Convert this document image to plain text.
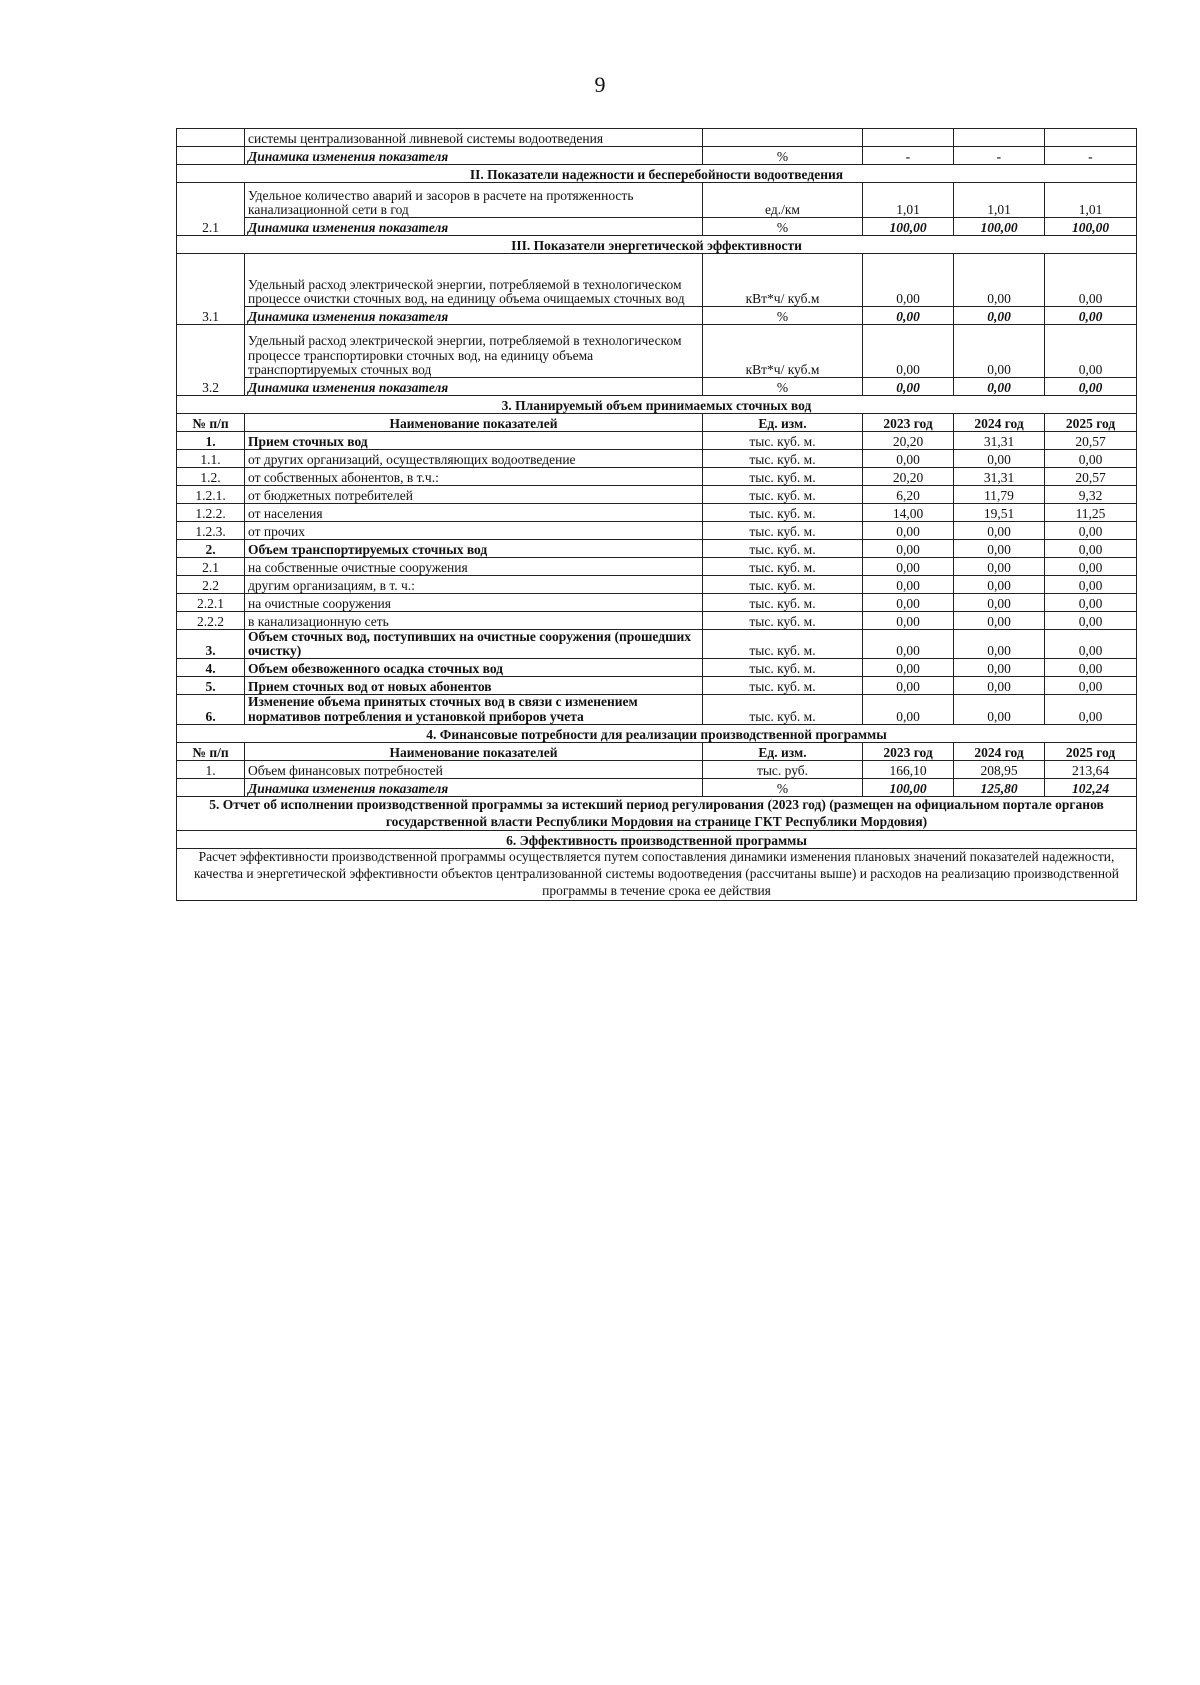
9
	системы централизованной ливневой системы водоотведения				
	Динамика изменения показателя	%	-	-	-
II. Показатели надежности и бесперебойности водоотведения					
2.1	Удельное количество аварий и засоров в расчете на протяженность канализационной сети в год	ед./км	1,01	1,01	1,01
	Динамика изменения показателя	%	100,00	100,00	100,00
III. Показатели энергетической эффективности					
3.1	Удельный расход электрической энергии, потребляемой в технологическом процессе очистки сточных вод, на единицу объема очищаемых сточных вод	кВт*ч/ куб.м	0,00	0,00	0,00
	Динамика изменения показателя	%	0,00	0,00	0,00
3.2	Удельный расход электрической энергии, потребляемой в технологическом процессе транспортировки сточных вод, на единицу объема транспортируемых сточных вод	кВт*ч/ куб.м	0,00	0,00	0,00
	Динамика изменения показателя	%	0,00	0,00	0,00
3. Планируемый объем принимаемых сточных вод					
№ п/п	Наименование показателей	Ед. изм.	2023 год	2024 год	2025 год
1.	Прием сточных вод	тыс. куб. м.	20,20	31,31	20,57
1.1.	от других организаций, осуществляющих водоотведение	тыс. куб. м.	0,00	0,00	0,00
1.2.	от собственных абонентов, в т.ч.:	тыс. куб. м.	20,20	31,31	20,57
1.2.1.	от бюджетных потребителей	тыс. куб. м.	6,20	11,79	9,32
1.2.2.	от населения	тыс. куб. м.	14,00	19,51	11,25
1.2.3.	от прочих	тыс. куб. м.	0,00	0,00	0,00
2.	Объем транспортируемых сточных вод	тыс. куб. м.	0,00	0,00	0,00
2.1	на собственные очистные сооружения	тыс. куб. м.	0,00	0,00	0,00
2.2	другим организациям, в т. ч.:	тыс. куб. м.	0,00	0,00	0,00
2.2.1	на очистные сооружения	тыс. куб. м.	0,00	0,00	0,00
2.2.2	в канализационную сеть	тыс. куб. м.	0,00	0,00	0,00
3.	Объем сточных вод, поступивших на очистные сооружения (прошедших очистку)	тыс. куб. м.	0,00	0,00	0,00
4.	Объем обезвоженного осадка сточных вод	тыс. куб. м.	0,00	0,00	0,00
5.	Прием сточных вод от новых абонентов	тыс. куб. м.	0,00	0,00	0,00
6.	Изменение объема принятых сточных вод в связи с изменением нормативов потребления и установкой приборов учета	тыс. куб. м.	0,00	0,00	0,00
4. Финансовые потребности для реализации производственной программы					
№ п/п	Наименование показателей	Ед. изм.	2023 год	2024 год	2025 год
1.	Объем финансовых потребностей	тыс. руб.	166,10	208,95	213,64
	Динамика изменения показателя	%	100,00	125,80	102,24
5. Отчет об исполнении производственной программы за истекший период регулирования (2023 год) (размещен на официальном портале органов государственной власти Республики Мордовия на странице ГКТ Республики Мордовия)					
6. Эффективность производственной программы					
Расчет эффективности производственной программы осуществляется путем сопоставления динамики изменения плановых значений показателей надежности, качества и энергетической эффективности объектов централизованной системы водоотведения (рассчитаны выше) и расходов на реализацию производственной программы в течение срока ее действия					
